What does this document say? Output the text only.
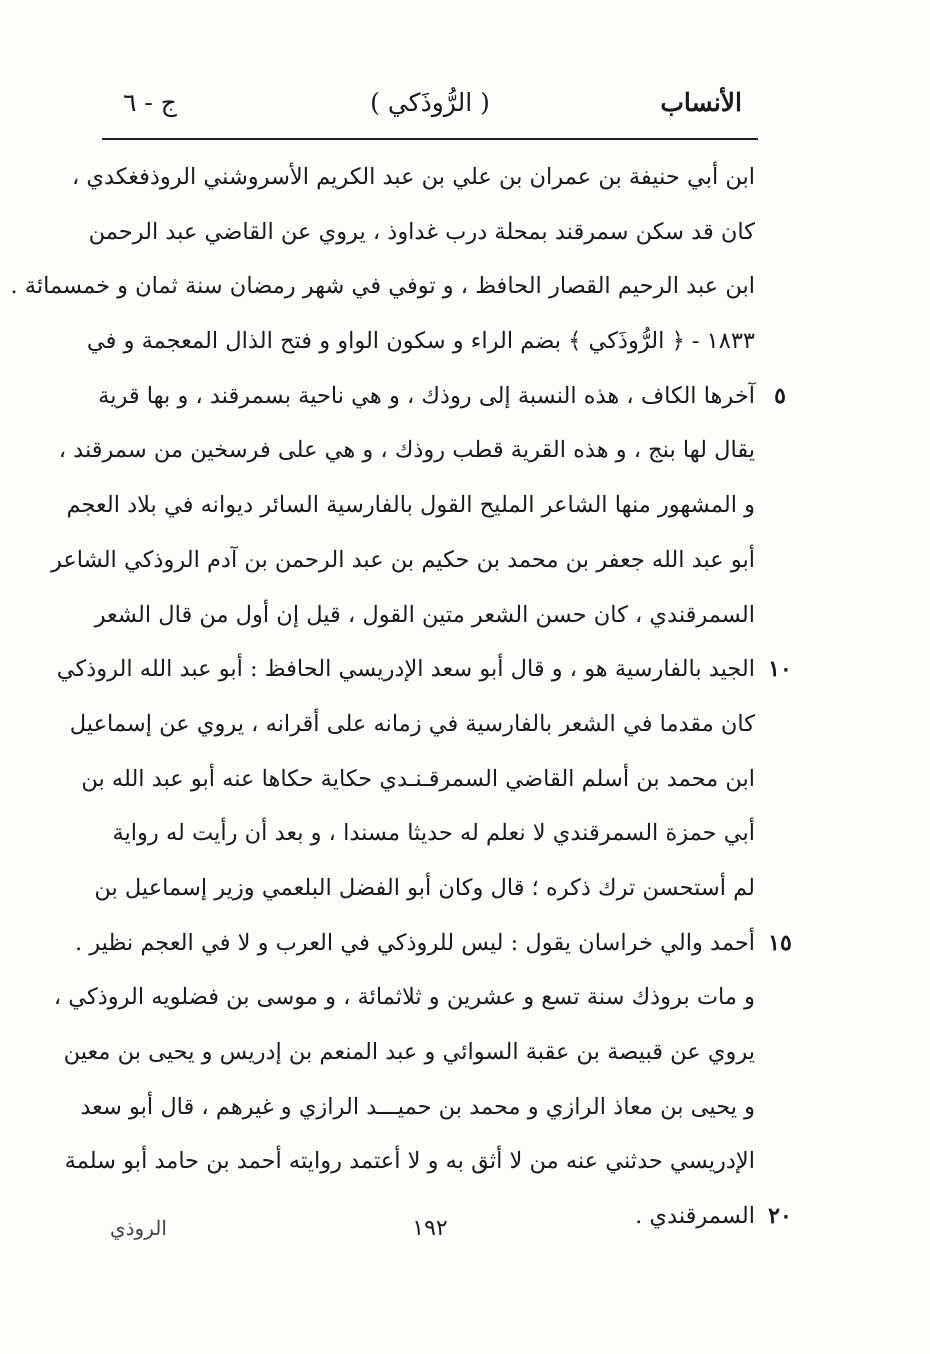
الأنساب
( الرُّوذَكي )
ج - ٦
ابن أبي حنيفة بن عمران بن علي بن عبد الكريم الأسروشني الروذفغكدي ،
كان قد سكن سمرقند بمحلة درب غداوذ ، يروي عن القاضي عبد الرحمن
ابن عبد الرحيم القصار الحافظ ، و توفي في شهر رمضان سنة ثمان و خمسمائة .
١٨٣٣ - ﴿ الرُّوذَكي ﴾ بضم الراء و سكون الواو و فتح الذال المعجمة و في
٥
آخرها الكاف ، هذه النسبة إلى روذك ، و هي ناحية بسمرقند ، و بها قرية
يقال لها بنج ، و هذه القرية قطب روذك ، و هي على فرسخين من سمرقند ،
و المشهور منها الشاعر المليح القول بالفارسية السائر ديوانه في بلاد العجم
أبو عبد الله جعفر بن محمد بن حكيم بن عبد الرحمن بن آدم الروذكي الشاعر
السمرقندي ، كان حسن الشعر متين القول ، قيل إن أول من قال الشعر
١٠
الجيد بالفارسية هو ، و قال أبو سعد الإدريسي الحافظ : أبو عبد الله الروذكي
كان مقدما في الشعر بالفارسية في زمانه على أقرانه ، يروي عن إسماعيل
ابن محمد بن أسلم القاضي السمرقـنـدي حكاية حكاها عنه أبو عبد الله بن
أبي حمزة السمرقندي لا نعلم له حديثا مسندا ، و بعد أن رأيت له رواية
لم أستحسن ترك ذكره ؛ قال وكان أبو الفضل البلعمي وزير إسماعيل بن
١٥
أحمد والي خراسان يقول : ليس للروذكي في العرب و لا في العجم نظير .
و مات بروذك سنة تسع و عشرين و ثلاثمائة ، و موسى بن فضلويه الروذكي ،
يروي عن قبيصة بن عقبة السوائي و عبد المنعم بن إدريس و يحيى بن معين
و يحيى بن معاذ الرازي و محمد بن حميـــد الرازي و غيرهم ، قال أبو سعد
الإدريسي حدثني عنه من لا أثق به و لا أعتمد روايته أحمد بن حامد أبو سلمة
٢٠
السمرقندي .
١٩٢
الروذي
